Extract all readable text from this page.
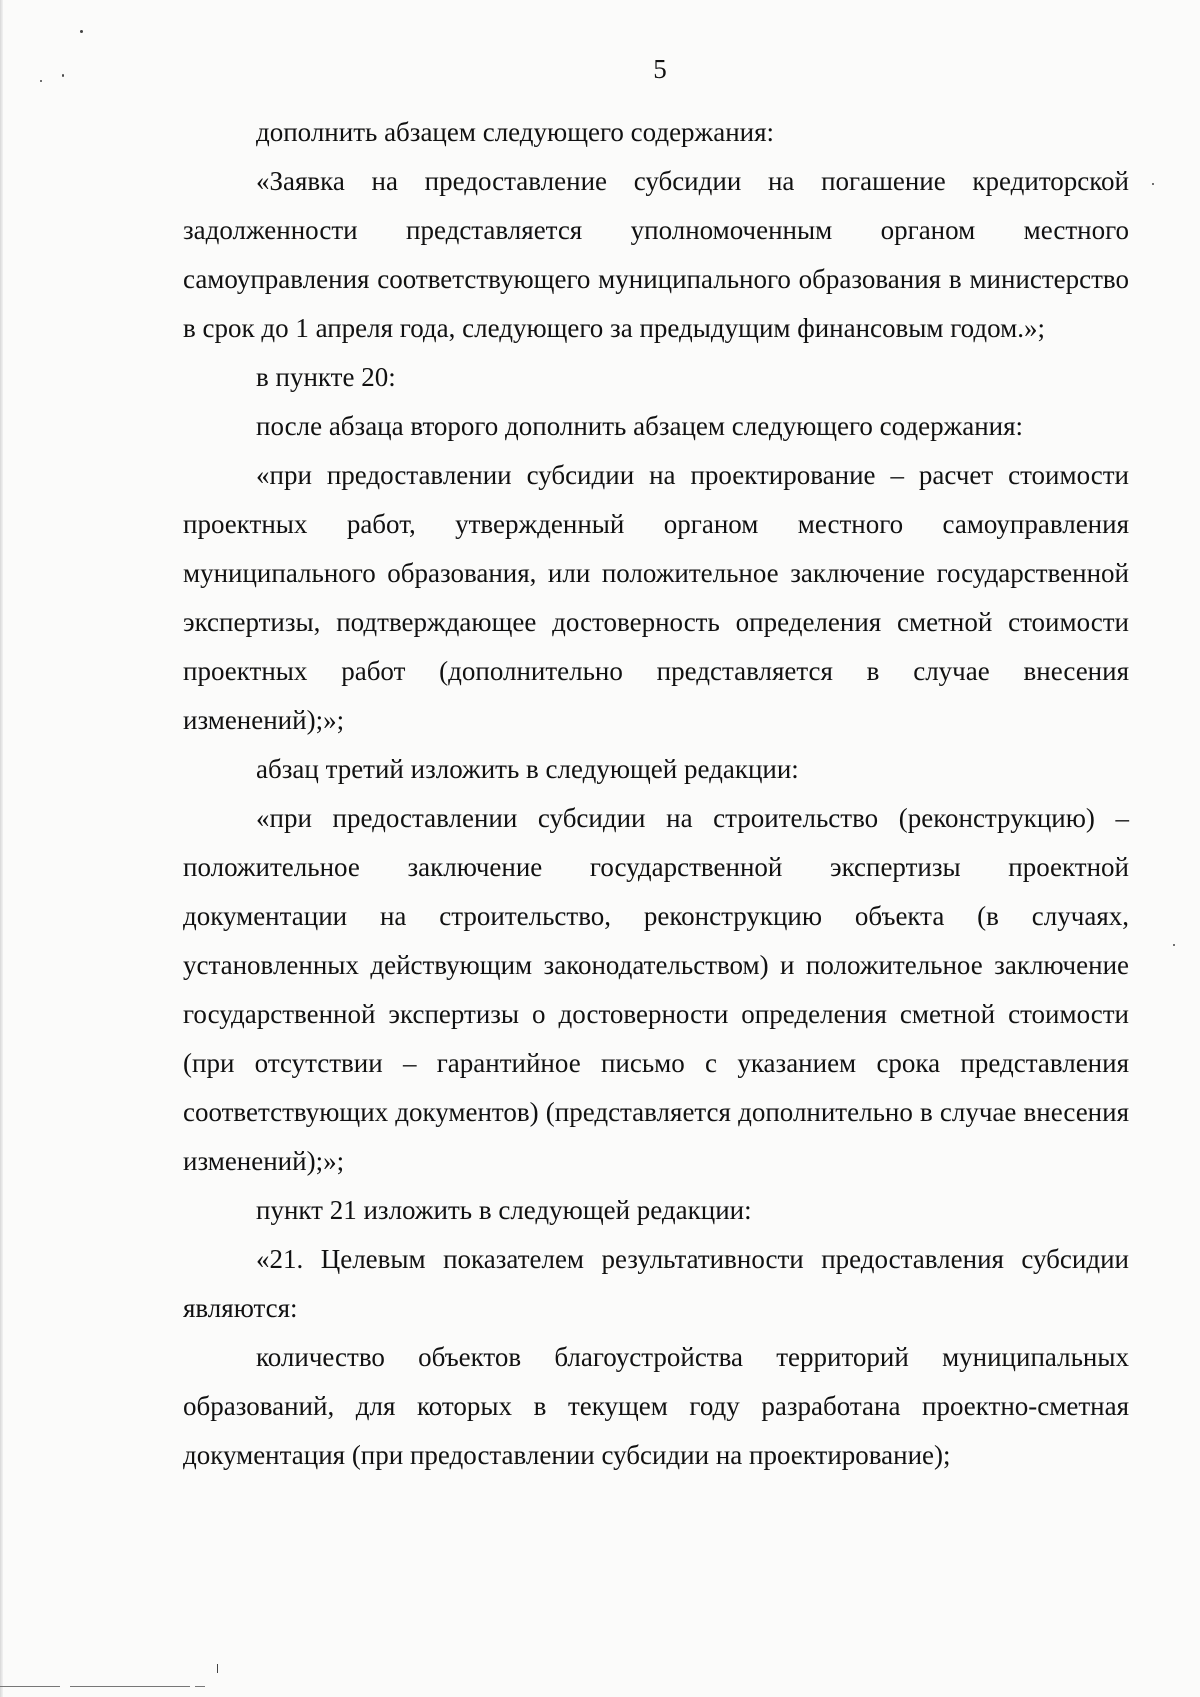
5

дополнить абзацем следующего содержания:

«Заявка на предоставление субсидии на погашение кредиторской задолженности представляется уполномоченным органом местного самоуправления соответствующего муниципального образования в министерство в срок до 1 апреля года, следующего за предыдущим финансовым годом.»;

в пункте 20:

после абзаца второго дополнить абзацем следующего содержания:

«при предоставлении субсидии на проектирование – расчет стоимости проектных работ, утвержденный органом местного самоуправления муниципального образования, или положительное заключение государственной экспертизы, подтверждающее достоверность определения сметной стоимости проектных работ (дополнительно представляется в случае внесения изменений);»;

абзац третий изложить в следующей редакции:

«при предоставлении субсидии на строительство (реконструкцию) – положительное заключение государственной экспертизы проектной документации на строительство, реконструкцию объекта (в случаях, установленных действующим законодательством) и положительное заключение государственной экспертизы о достоверности определения сметной стоимости (при отсутствии – гарантийное письмо с указанием срока представления соответствующих документов) (представляется дополнительно в случае внесения изменений);»;

пункт 21 изложить в следующей редакции:

«21. Целевым показателем результативности предоставления субсидии являются:

количество объектов благоустройства территорий муниципальных образований, для которых в текущем году разработана проектно-сметная документация (при предоставлении субсидии на проектирование);
